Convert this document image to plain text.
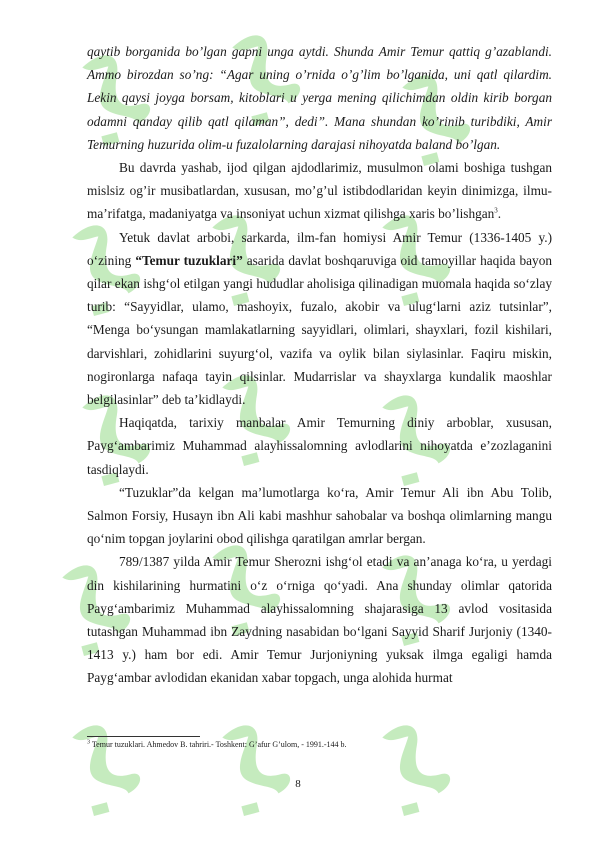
qaytib borganida bo’lgan gapni unga aytdi. Shunda Amir Temur qattiq g’azablandi. Ammo birozdan so’ng: “Agar uning o’rnida o’g’lim bo’lganida, uni qatl qilardim. Lekin qaysi joyga borsam, kitoblari u yerga mening qilichimdan oldin kirib borgan odamni qanday qilib qatl qilaman”, dedi”. Mana shundan ko’rinib turibdiki, Amir Temurning huzurida olim-u fuzalolarning darajasi nihoyatda baland bo’lgan.

Bu davrda yashab, ijod qilgan ajdodlarimiz, musulmon olami boshiga tushgan mislsiz og’ir musibatlardan, xususan, mo’g’ul istibdodlaridan keyin dinimizga, ilmu-ma’rifatga, madaniyatga va insoniyat uchun xizmat qilishga xaris bo’lishgan$^3$.

Yetuk davlat arbobi, sarkarda, ilm-fan homiysi Amir Temur (1336-1405 y.) o‘zining “Temur tuzuklari” asarida davlat boshqaruviga oid tamoyillar haqida bayon qilar ekan ishg‘ol etilgan yangi hududlar aholisiga qilinadigan muomala haqida so‘zlay turib: “Sayyidlar, ulamo, mashoyix, fuzalo, akobir va ulug‘larni aziz tutsinlar”, “Menga bo‘ysungan mamlakatlarning sayyidlari, olimlari, shayxlari, fozil kishilari, darvishlari, zohidlarini suyurg‘ol, vazifa va oylik bilan siylasinlar. Faqiru miskin, nogironlarga nafaqa tayin qilsinlar. Mudarrislar va shayxlarga kundalik maoshlar belgilasinlar” deb ta’kidlaydi.

Haqiqatda, tarixiy manbalar Amir Temurning diniy arboblar, xususan, Payg‘ambarimiz Muhammad alayhissalomning avlodlarini nihoyatda e’zozlaganini tasdiqlaydi.

“Tuzuklar”da kelgan ma’lumotlarga ko‘ra, Amir Temur Ali ibn Abu Tolib, Salmon Forsiy, Husayn ibn Ali kabi mashhur sahobalar va boshqa olimlarning mangu qo‘nim topgan joylarini obod qilishga qaratilgan amrlar bergan.

789/1387 yilda Amir Temur Sherozni ishg‘ol etadi va an’anaga ko‘ra, u yerdagi din kishilarining hurmatini o‘z o‘rniga qo‘yadi. Ana shunday olimlar qatorida Payg‘ambarimiz Muhammad alayhissalomning shajarasiga 13 avlod vositasida tutashgan Muhammad ibn Zaydning nasabidan bo‘lgani Sayyid Sharif Jurjoniy (1340-1413 y.) ham bor edi. Amir Temur Jurjoniyning yuksak ilmga egaligi hamda Payg‘ambar avlodidan ekanidan xabar topgach, unga alohida hurmat

$^3$ Temur tuzuklari. Ahmedov B. tahriri.- Toshkent: G’afur G’ulom, - 1991.-144 b.
8
